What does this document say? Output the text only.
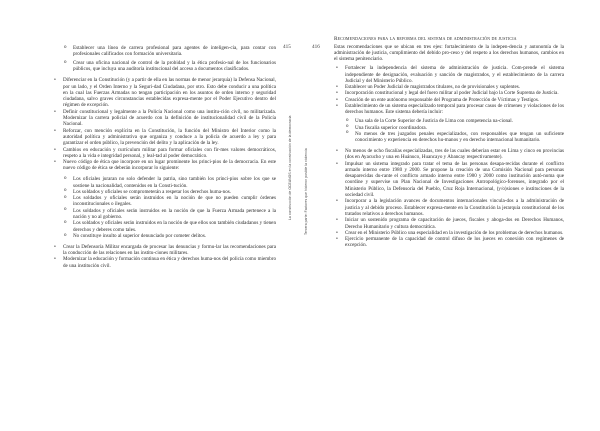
o Establecer una línea de carrera profesional para agentes de inteligen-cia, para contar con profesionales calificados con formación universitaria.
o Crear una oficina nacional de control de la probidad y la ética profesio-nal de los funcionarios públicos, que incluya una auditoría institucional del acceso a documentos clasificados.
• Diferenciar en la Constitución (y a partir de ella en las normas de menor jerarquía) la Defensa Nacional, por un lado, y el Orden Interno y la Seguri-dad Ciudadana, por otro. Esto debe conducir a una política en la cual las Fuerzas Armadas no tengan participación en los asuntos de orden interno y seguridad ciudadana, salvo graves circunstancias establecidas expresa-mente por el Poder Ejecutivo dentro del régimen de excepción.
• Definir constitucional y legalmente a la Policía Nacional como una institu-ción civil, no militarizada. Modernizar la carrera policial de acuerdo con la definición de institucionalidad civil de la Policía Nacional.
• Reforzar, con mención explícita en la Constitución, la función del Ministro del Interior como la autoridad política y administrativa que organiza y conduce a la policía de acuerdo a ley y para garantizar el orden público, la prevención del delito y la aplicación de la ley.
• Cambios en educación y currículum militar para formar oficiales con fir-mes valores democráticos, respeto a la vida e integridad personal, y leal-tad al poder democrático.
• Nuevo código de ética que incorpore en un lugar prominente los princi-pios de la democracia. En este nuevo código de ética se deberán incorporar lo siguiente:
o Los oficiales juraran no solo defender la patria, sino también los princi-pios sobre los que se sostiene la nacionalidad, contenidos en la Consti-tución.
o Los soldados y oficiales se comprometerán a respetar los derechos huma-nos.
o Los soldados y oficiales serán instruidos en la noción de que no pueden cumplir órdenes inconstitucionales o ilegales.
o Los soldados y oficiales serán instruidos en la noción de que la Fuerza Armada pertenece a la nación y no al gobierno.
o Los soldados y oficiales serán instruidos en la noción de que ellos son también ciudadanos y tienen derechos y deberes como tales.
o No constituye insulto al superior denunciado por cometer delitos.
• Crear la Defensoría Militar encargada de procesar las denuncias y formu-lar las recomendaciones para la conducción de las relaciones en las institu-ciones militares.
• Modernizar la educación y formación continua en ética y derechos huma-nos del policía como miembro de una institución civil.
415	416
La construcción de OCEANOS en la construcción de la democracia	Tercera parte: Factores que hicieron posible la violencia
Recomendaciones para la reforma del sistema de administración de justicia

Estas recomendaciones que se ubican en tres ejes: fortalecimiento de la indepen-dencia y autonomía de la administración de justicia, cumplimiento del debido pro-ceso y del respeto a los derechos humanos, cambios en el sistema penitenciario.

• Fortalecer la independencia del sistema de administración de justicia. Com-prende el sistema independiente de designación, evaluación y sanción de magistrados, y el establecimiento de la carrera Judicial y del Ministerio Público.
• Establecer un Poder Judicial de magistrados titulares, no de provisionales y suplentes.
• Incorporación constitucional y legal del fuero militar al poder Judicial bajo la Corte Suprema de Justicia.
• Creación de un ente autónomo responsable del Programa de Protección de Víctimas y Testigos.
• Establecimiento de un sistema especializado temporal para procesar casos de crímenes y violaciones de los derechos humanos. Este sistema debería incluir:
o Una sala de la Corte Superior de Justicia de Lima con competencia na-cional.
o Una fiscalía superior coordinadora.
o No menos de tres juzgados penales especializados, con responsables que tengan un suficiente conocimiento y experiencia en derechos hu-manos y en derecho internacional humanitario.
• No menos de ocho fiscalías especializadas, tres de las cuales deberían estar en Lima y cinco en provincias (dos en Ayacucho y una en Huánuco, Huancayo y Abancay respectivamente).
• Impulsar un sistema integrado para tratar el tema de las personas desapa-recidas durante el conflicto armado interno entre 1980 y 2000. Se propone la creación de una Comisión Nacional para personas desaparecidas du-rante el conflicto armado interno entre 1980 y 2000 como institución autó-noma que coordine y supervise un Plan Nacional de Investigaciones Antropológico-forenses, integrado por el Ministerio Público, la Defensoría del Pueblo, Cruz Roja Internacional, (y/o)siones e instituciones de la sociedad civil.
• Incorporar a la legislación avances de documentos internacionales vincula-dos a la administración de justicia y al debido proceso. Establecer expresa-mente en la Constitución la jerarquía constitucional de los tratados relativos a derechos humanos.
• Iniciar un sostenido programa de capacitación de jueces, fiscales y aboga-dos en Derechos Humanos, Derecho Humanitario y cultura democrática.
• Crear en el Ministerio Público una especialidad en la investigación de los problemas de derechos humanos.
• Ejercicio permanente de la capacidad de control difuso de los jueces en conexión con regímenes de excepción.
